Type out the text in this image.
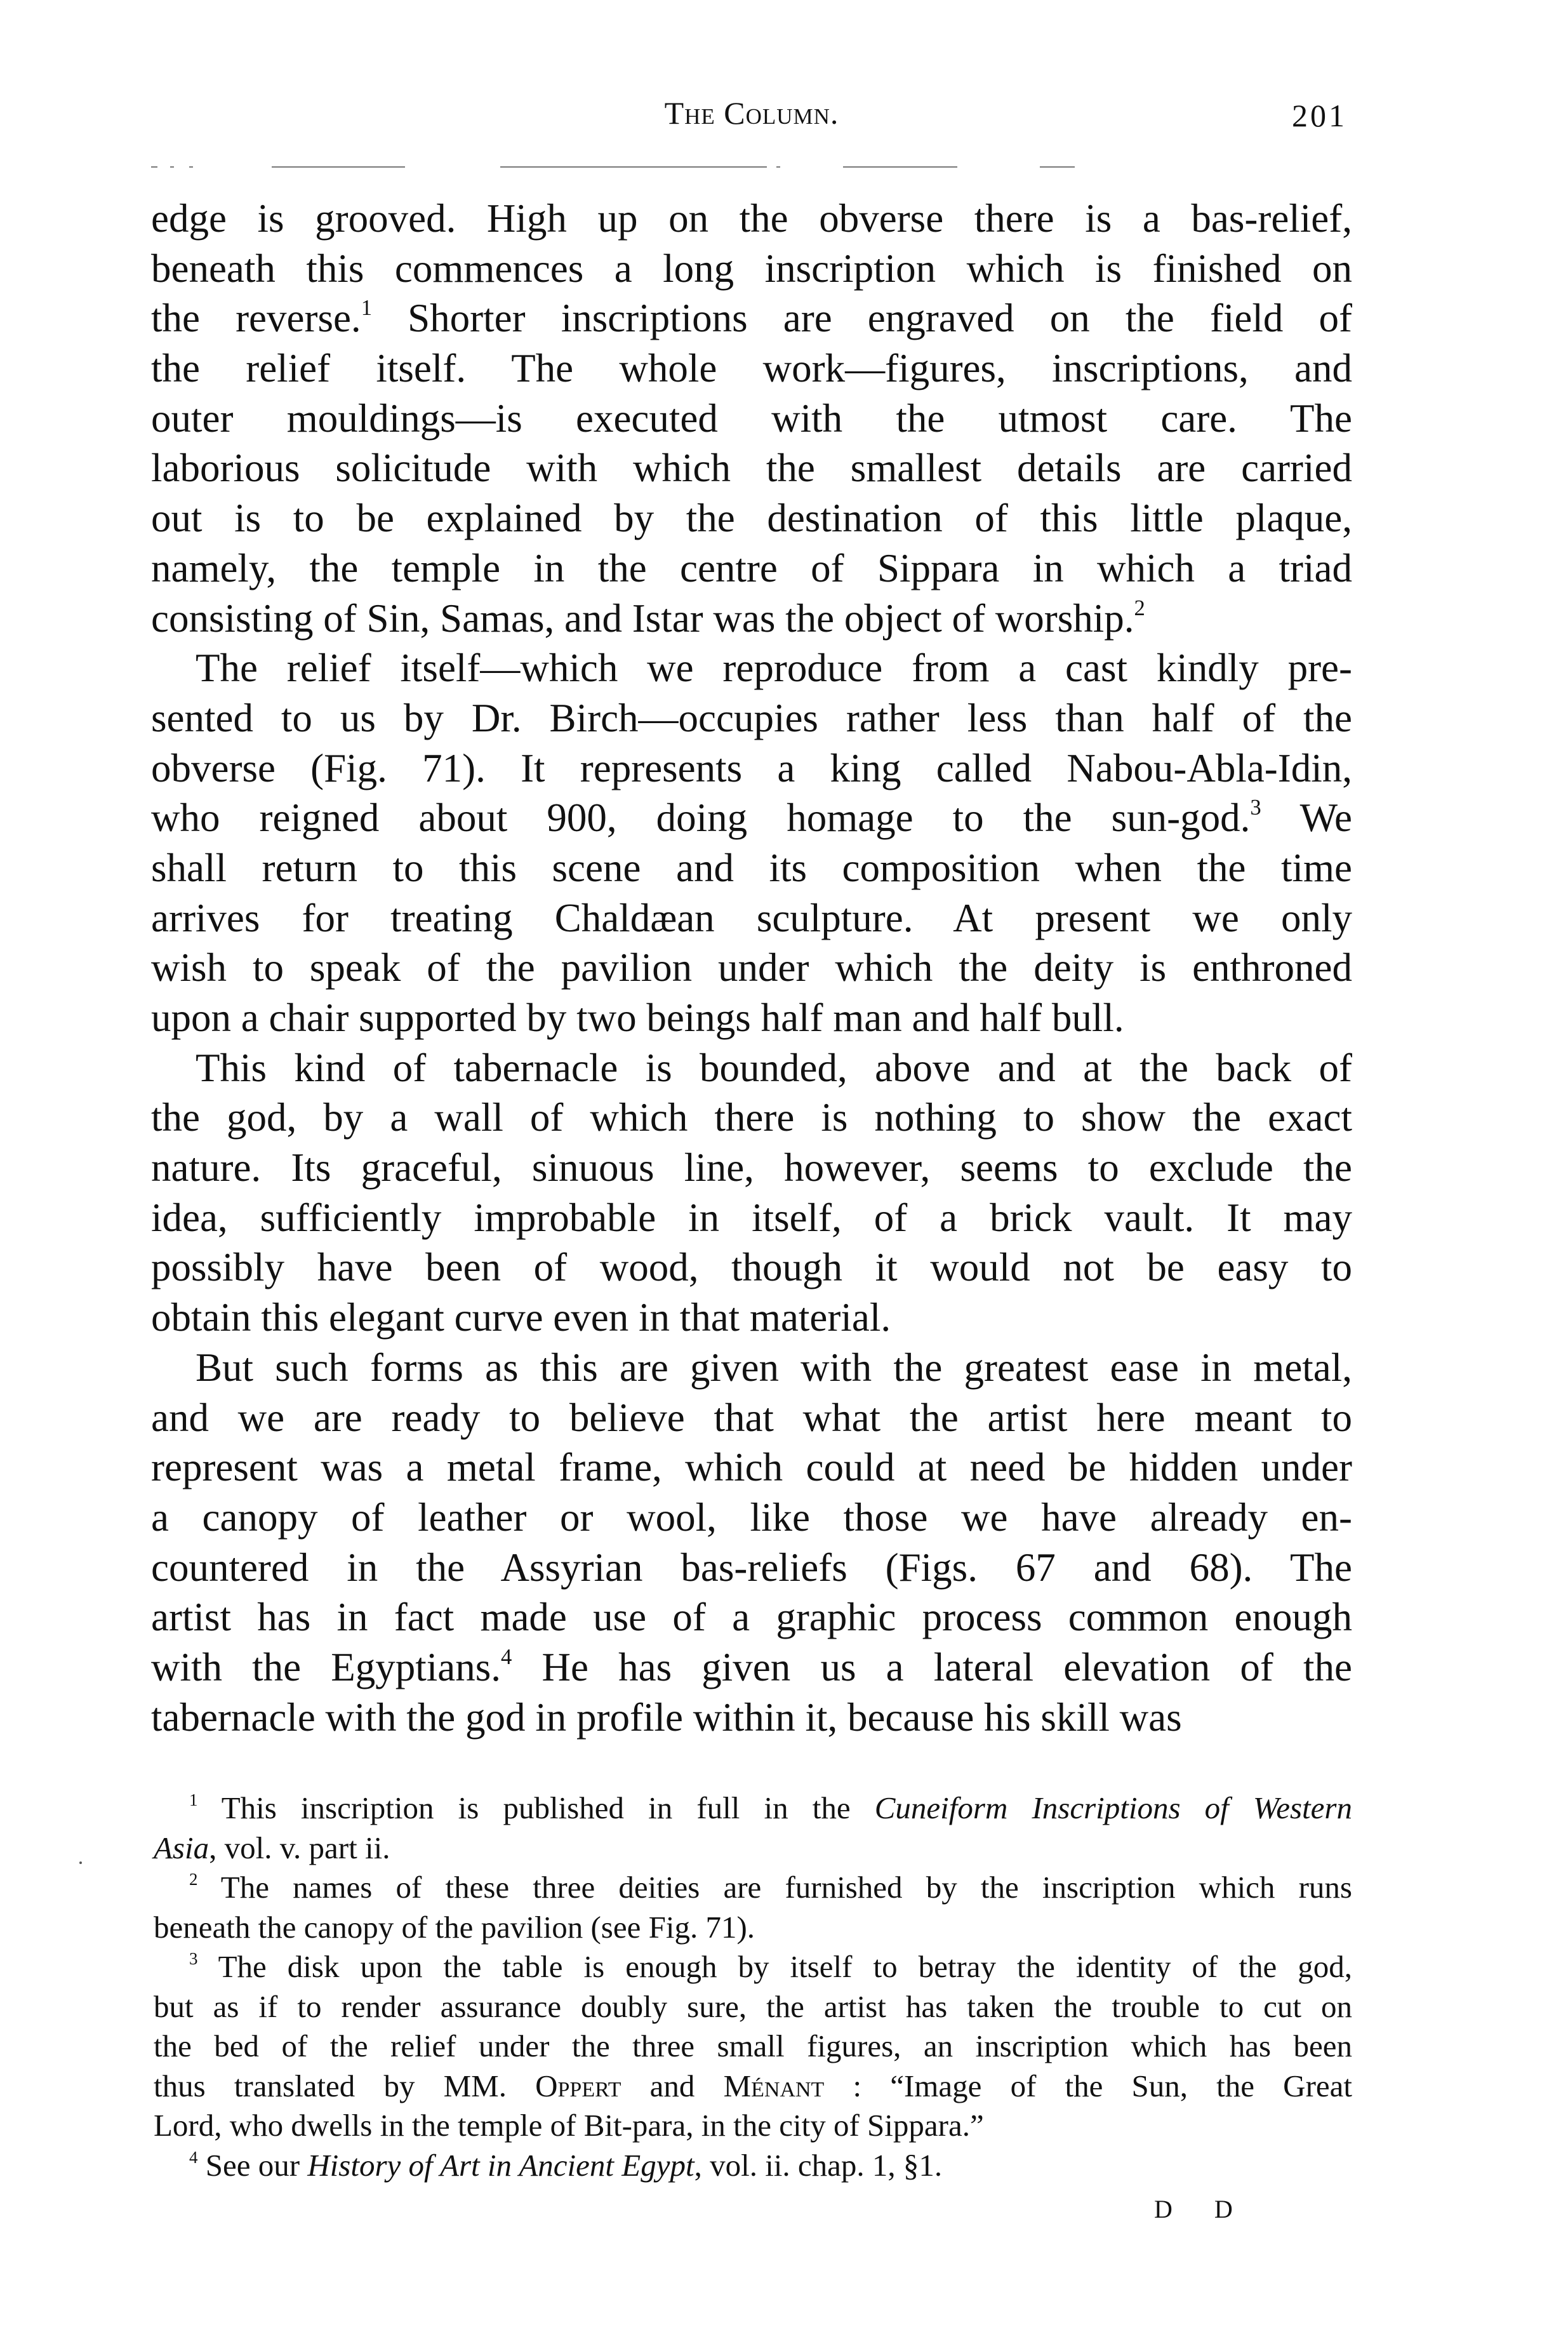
The Column.	201
edge is grooved. High up on the obverse there is a bas-relief,
beneath this commences a long inscription which is finished on
the reverse.$^1$ Shorter inscriptions are engraved on the field of
the relief itself. The whole work—figures, inscriptions, and
outer mouldings—is executed with the utmost care. The
laborious solicitude with which the smallest details are carried
out is to be explained by the destination of this little plaque,
namely, the temple in the centre of Sippara in which a triad
consisting of Sin, Samas, and Istar was the object of worship.$^2$
The relief itself—which we reproduce from a cast kindly pre-
sented to us by Dr. Birch—occupies rather less than half of the
obverse (Fig. 71). It represents a king called Nabou-Abla-Idin,
who reigned about 900, doing homage to the sun-god.$^3$ We
shall return to this scene and its composition when the time
arrives for treating Chaldæan sculpture. At present we only
wish to speak of the pavilion under which the deity is enthroned
upon a chair supported by two beings half man and half bull.
This kind of tabernacle is bounded, above and at the back of
the god, by a wall of which there is nothing to show the exact
nature. Its graceful, sinuous line, however, seems to exclude the
idea, sufficiently improbable in itself, of a brick vault. It may
possibly have been of wood, though it would not be easy to
obtain this elegant curve even in that material.
But such forms as this are given with the greatest ease in metal,
and we are ready to believe that what the artist here meant to
represent was a metal frame, which could at need be hidden under
a canopy of leather or wool, like those we have already en-
countered in the Assyrian bas-reliefs (Figs. 67 and 68). The
artist has in fact made use of a graphic process common enough
with the Egyptians.$^4$ He has given us a lateral elevation of the
tabernacle with the god in profile within it, because his skill was
$^1$ This inscription is published in full in the Cuneiform Inscriptions of Western
Asia, vol. v. part ii.
$^2$ The names of these three deities are furnished by the inscription which runs
beneath the canopy of the pavilion (see Fig. 71).
$^3$ The disk upon the table is enough by itself to betray the identity of the god,
but as if to render assurance doubly sure, the artist has taken the trouble to cut on
the bed of the relief under the three small figures, an inscription which has been
thus translated by MM. Oppert and Ménant : “Image of the Sun, the Great
Lord, who dwells in the temple of Bit-para, in the city of Sippara.”
$^4$ See our History of Art in Ancient Egypt, vol. ii. chap. 1, §1.
D D
